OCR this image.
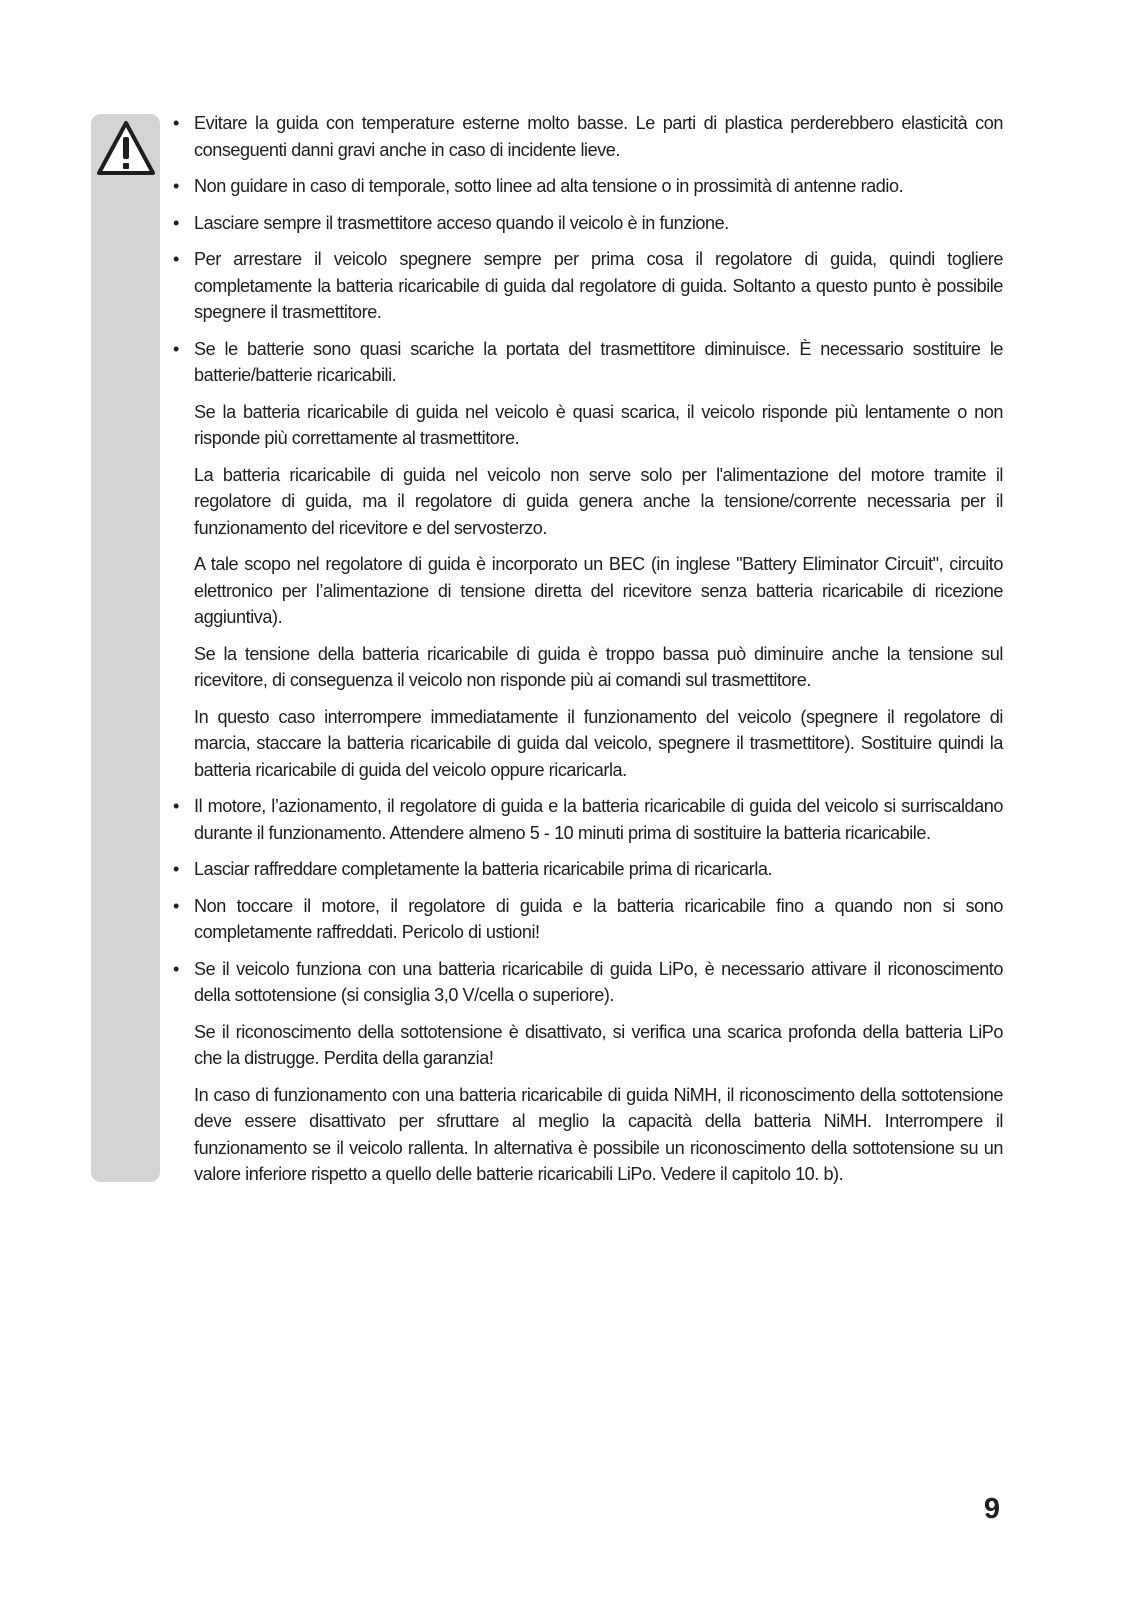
• Evitare la guida con temperature esterne molto basse. Le parti di plastica perderebbero elasticità con conseguenti danni gravi anche in caso di incidente lieve.
• Non guidare in caso di temporale, sotto linee ad alta tensione o in prossimità di antenne radio.
• Lasciare sempre il trasmettitore acceso quando il veicolo è in funzione.
• Per arrestare il veicolo spegnere sempre per prima cosa il regolatore di guida, quindi togliere completamente la batteria ricaricabile di guida dal regolatore di guida. Soltanto a questo punto è possibile spegnere il trasmettitore.
• Se le batterie sono quasi scariche la portata del trasmettitore diminuisce. È necessario sostituire le batterie/batterie ricaricabili.
Se la batteria ricaricabile di guida nel veicolo è quasi scarica, il veicolo risponde più lentamente o non risponde più correttamente al trasmettitore.
La batteria ricaricabile di guida nel veicolo non serve solo per l'alimentazione del motore tramite il regolatore di guida, ma il regolatore di guida genera anche la tensione/corrente necessaria per il funzionamento del ricevitore e del servosterzo.
A tale scopo nel regolatore di guida è incorporato un BEC (in inglese "Battery Eliminator Circuit", circuito elettronico per l’alimentazione di tensione diretta del ricevitore senza batteria ricaricabile di ricezione aggiuntiva).
Se la tensione della batteria ricaricabile di guida è troppo bassa può diminuire anche la tensione sul ricevitore, di conseguenza il veicolo non risponde più ai comandi sul trasmettitore.
In questo caso interrompere immediatamente il funzionamento del veicolo (spegnere il regolatore di marcia, staccare la batteria ricaricabile di guida dal veicolo, spegnere il trasmettitore). Sostituire quindi la batteria ricaricabile di guida del veicolo oppure ricaricarla.
• Il motore, l’azionamento, il regolatore di guida e la batteria ricaricabile di guida del veicolo si surriscaldano durante il funzionamento. Attendere almeno 5 - 10 minuti prima di sostituire la batteria ricaricabile.
• Lasciar raffreddare completamente la batteria ricaricabile prima di ricaricarla.
• Non toccare il motore, il regolatore di guida e la batteria ricaricabile fino a quando non si sono completamente raffreddati. Pericolo di ustioni!
• Se il veicolo funziona con una batteria ricaricabile di guida LiPo, è necessario attivare il riconoscimento della sottotensione (si consiglia 3,0 V/cella o superiore).
Se il riconoscimento della sottotensione è disattivato, si verifica una scarica profonda della batteria LiPo che la distrugge. Perdita della garanzia!
In caso di funzionamento con una batteria ricaricabile di guida NiMH, il riconoscimento della sottotensione deve essere disattivato per sfruttare al meglio la capacità della batteria NiMH. Interrompere il funzionamento se il veicolo rallenta. In alternativa è possibile un riconoscimento della sottotensione su un valore inferiore rispetto a quello delle batterie ricaricabili LiPo. Vedere il capitolo 10. b).
9
